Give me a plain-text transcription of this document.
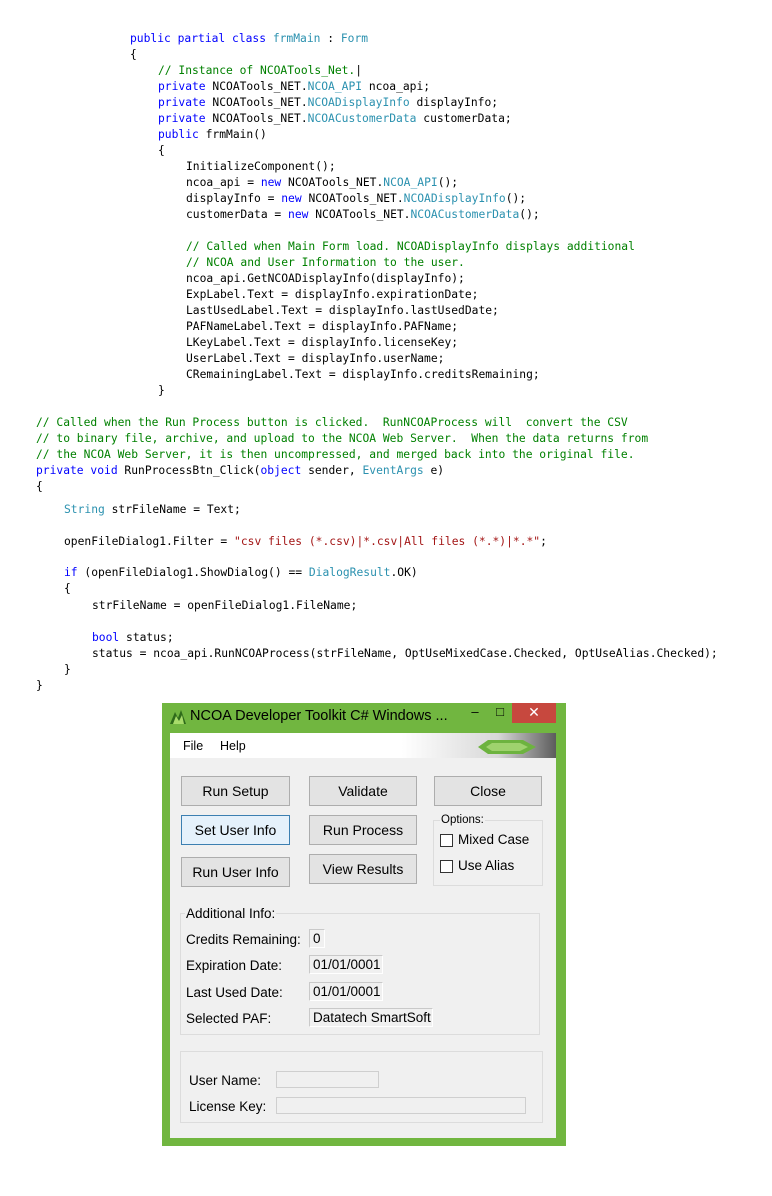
public partial class frmMain : Form
{
// Instance of NCOATools_Net.|
private NCOATools_NET.NCOA_API ncoa_api;
private NCOATools_NET.NCOADisplayInfo displayInfo;
private NCOATools_NET.NCOACustomerData customerData;
public frmMain()
{
InitializeComponent();
ncoa_api = new NCOATools_NET.NCOA_API();
displayInfo = new NCOATools_NET.NCOADisplayInfo();
customerData = new NCOATools_NET.NCOACustomerData();
// Called when Main Form load. NCOADisplayInfo displays additional
// NCOA and User Information to the user.
ncoa_api.GetNCOADisplayInfo(displayInfo);
ExpLabel.Text = displayInfo.expirationDate;
LastUsedLabel.Text = displayInfo.lastUsedDate;
PAFNameLabel.Text = displayInfo.PAFName;
LKeyLabel.Text = displayInfo.licenseKey;
UserLabel.Text = displayInfo.userName;
CRemainingLabel.Text = displayInfo.creditsRemaining;
}
// Called when the Run Process button is clicked.  RunNCOAProcess will  convert the CSV
// to binary file, archive, and upload to the NCOA Web Server.  When the data returns from
// the NCOA Web Server, it is then uncompressed, and merged back into the original file.
private void RunProcessBtn_Click(object sender, EventArgs e)
{
String strFileName = Text;
openFileDialog1.Filter = "csv files (*.csv)|*.csv|All files (*.*)|*.*";
if (openFileDialog1.ShowDialog() == DialogResult.OK)
{
strFileName = openFileDialog1.FileName;
bool status;
status = ncoa_api.RunNCOAProcess(strFileName, OptUseMixedCase.Checked, OptUseAlias.Checked);
}
}
NCOA Developer Toolkit C# Windows ...	–	□	✕
File Help
Run Setup	Validate	Close
Set User Info	Run Process
Run User Info	View Results
Options:
Mixed Case
Use Alias
Additional Info:
Credits Remaining: 0
Expiration Date: 01/01/0001
Last Used Date: 01/01/0001
Selected PAF:	Datatech SmartSoft
User Name:
License Key:
